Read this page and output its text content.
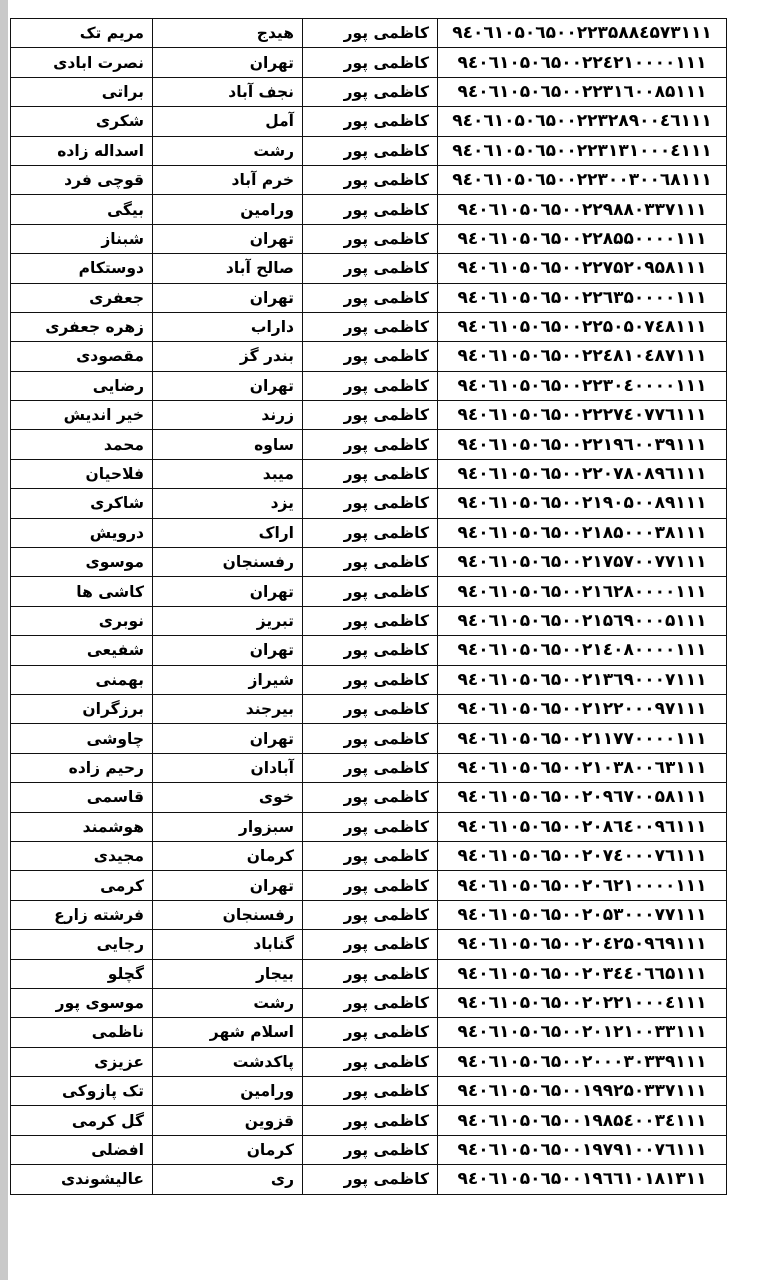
مریم تک	هیدج	کاظمی پور	۹٤۰٦۱۰۵۰٦۵۰۰۲۲۳۵۸۸٤۵۷۳۱۱۱
نصرت ابادی	تهران	کاظمی پور	۹٤۰٦۱۰۵۰٦۵۰۰۲۲٤۲۱۰۰۰۰۱۱۱
براتی	نجف آباد	کاظمی پور	۹٤۰٦۱۰۵۰٦۵۰۰۲۲۳۱٦۰۰۸۵۱۱۱
شکری	آمل	کاظمی پور	۹٤۰٦۱۰۵۰٦۵۰۰۲۲۳۲۸۹۰۰٤٦۱۱۱
اسداله زاده	رشت	کاظمی پور	۹٤۰٦۱۰۵۰٦۵۰۰۲۲۳۱۳۱۰۰۰٤۱۱۱
قوچی فرد	خرم آباد	کاظمی پور	۹٤۰٦۱۰۵۰٦۵۰۰۲۲۳۰۰۳۰۰٦۸۱۱۱
بیگی	ورامین	کاظمی پور	۹٤۰٦۱۰۵۰٦۵۰۰۲۲۹۸۸۰۳۳۷۱۱۱
شبناز	تهران	کاظمی پور	۹٤۰٦۱۰۵۰٦۵۰۰۲۲۸۵۵۰۰۰۰۱۱۱
دوستکام	صالح آباد	کاظمی پور	۹٤۰٦۱۰۵۰٦۵۰۰۲۲۷۵۲۰۹۵۸۱۱۱
جعفری	تهران	کاظمی پور	۹٤۰٦۱۰۵۰٦۵۰۰۲۲٦۳۵۰۰۰۰۱۱۱
زهره جعفری	داراب	کاظمی پور	۹٤۰٦۱۰۵۰٦۵۰۰۲۲۵۰۵۰۷٤۸۱۱۱
مقصودی	بندر گز	کاظمی پور	۹٤۰٦۱۰۵۰٦۵۰۰۲۲٤۸۱۰٤۸۷۱۱۱
رضایی	تهران	کاظمی پور	۹٤۰٦۱۰۵۰٦۵۰۰۲۲۳۰٤۰۰۰۰۱۱۱
خیر اندیش	زرند	کاظمی پور	۹٤۰٦۱۰۵۰٦۵۰۰۲۲۲۷٤۰۷۷٦۱۱۱
محمد	ساوه	کاظمی پور	۹٤۰٦۱۰۵۰٦۵۰۰۲۲۱۹٦۰۰۳۹۱۱۱
فلاحیان	میبد	کاظمی پور	۹٤۰٦۱۰۵۰٦۵۰۰۲۲۰۷۸۰۸۹٦۱۱۱
شاکری	یزد	کاظمی پور	۹٤۰٦۱۰۵۰٦۵۰۰۲۱۹۰۵۰۰۸۹۱۱۱
درویش	اراک	کاظمی پور	۹٤۰٦۱۰۵۰٦۵۰۰۲۱۸۵۰۰۰۳۸۱۱۱
موسوی	رفسنجان	کاظمی پور	۹٤۰٦۱۰۵۰٦۵۰۰۲۱۷۵۷۰۰۷۷۱۱۱
کاشی ها	تهران	کاظمی پور	۹٤۰٦۱۰۵۰٦۵۰۰۲۱٦۲۸۰۰۰۰۱۱۱
نوبری	تبریز	کاظمی پور	۹٤۰٦۱۰۵۰٦۵۰۰۲۱۵٦۹۰۰۰۵۱۱۱
شفیعی	تهران	کاظمی پور	۹٤۰٦۱۰۵۰٦۵۰۰۲۱٤۰۸۰۰۰۰۱۱۱
بهمنی	شیراز	کاظمی پور	۹٤۰٦۱۰۵۰٦۵۰۰۲۱۳٦۹۰۰۰۷۱۱۱
برزگران	بیرجند	کاظمی پور	۹٤۰٦۱۰۵۰٦۵۰۰۲۱۲۲۰۰۰۹۷۱۱۱
چاوشی	تهران	کاظمی پور	۹٤۰٦۱۰۵۰٦۵۰۰۲۱۱۷۷۰۰۰۰۱۱۱
رحیم زاده	آبادان	کاظمی پور	۹٤۰٦۱۰۵۰٦۵۰۰۲۱۰۳۸۰۰٦۳۱۱۱
قاسمی	خوی	کاظمی پور	۹٤۰٦۱۰۵۰٦۵۰۰۲۰۹٦۷۰۰۵۸۱۱۱
هوشمند	سبزوار	کاظمی پور	۹٤۰٦۱۰۵۰٦۵۰۰۲۰۸٦٤۰۰۹٦۱۱۱
مجیدی	کرمان	کاظمی پور	۹٤۰٦۱۰۵۰٦۵۰۰۲۰۷٤۰۰۰۷٦۱۱۱
کرمی	تهران	کاظمی پور	۹٤۰٦۱۰۵۰٦۵۰۰۲۰٦۲۱۰۰۰۰۱۱۱
فرشته زارع	رفسنجان	کاظمی پور	۹٤۰٦۱۰۵۰٦۵۰۰۲۰۵۳۰۰۰۷۷۱۱۱
رجایی	گناباد	کاظمی پور	۹٤۰٦۱۰۵۰٦۵۰۰۲۰٤۲۵۰۹٦۹۱۱۱
گچلو	بیجار	کاظمی پور	۹٤۰٦۱۰۵۰٦۵۰۰۲۰۳٤٤۰٦٦۵۱۱۱
موسوی پور	رشت	کاظمی پور	۹٤۰٦۱۰۵۰٦۵۰۰۲۰۲۲۱۰۰۰٤۱۱۱
ناظمی	اسلام شهر	کاظمی پور	۹٤۰٦۱۰۵۰٦۵۰۰۲۰۱۲۱۰۰۳۳۱۱۱
عزیزی	پاکدشت	کاظمی پور	۹٤۰٦۱۰۵۰٦۵۰۰۲۰۰۰۳۰۳۳۹۱۱۱
تک پازوکی	ورامین	کاظمی پور	۹٤۰٦۱۰۵۰٦۵۰۰۱۹۹۲۵۰۳۳۷۱۱۱
گل کرمی	قزوین	کاظمی پور	۹٤۰٦۱۰۵۰٦۵۰۰۱۹۸۵٤۰۰۳٤۱۱۱
افضلی	کرمان	کاظمی پور	۹٤۰٦۱۰۵۰٦۵۰۰۱۹۷۹۱۰۰۷٦۱۱۱
عالیشوندی	ری	کاظمی پور	۹٤۰٦۱۰۵۰٦۵۰۰۱۹٦٦۱۰۱۸۱۳۱۱
